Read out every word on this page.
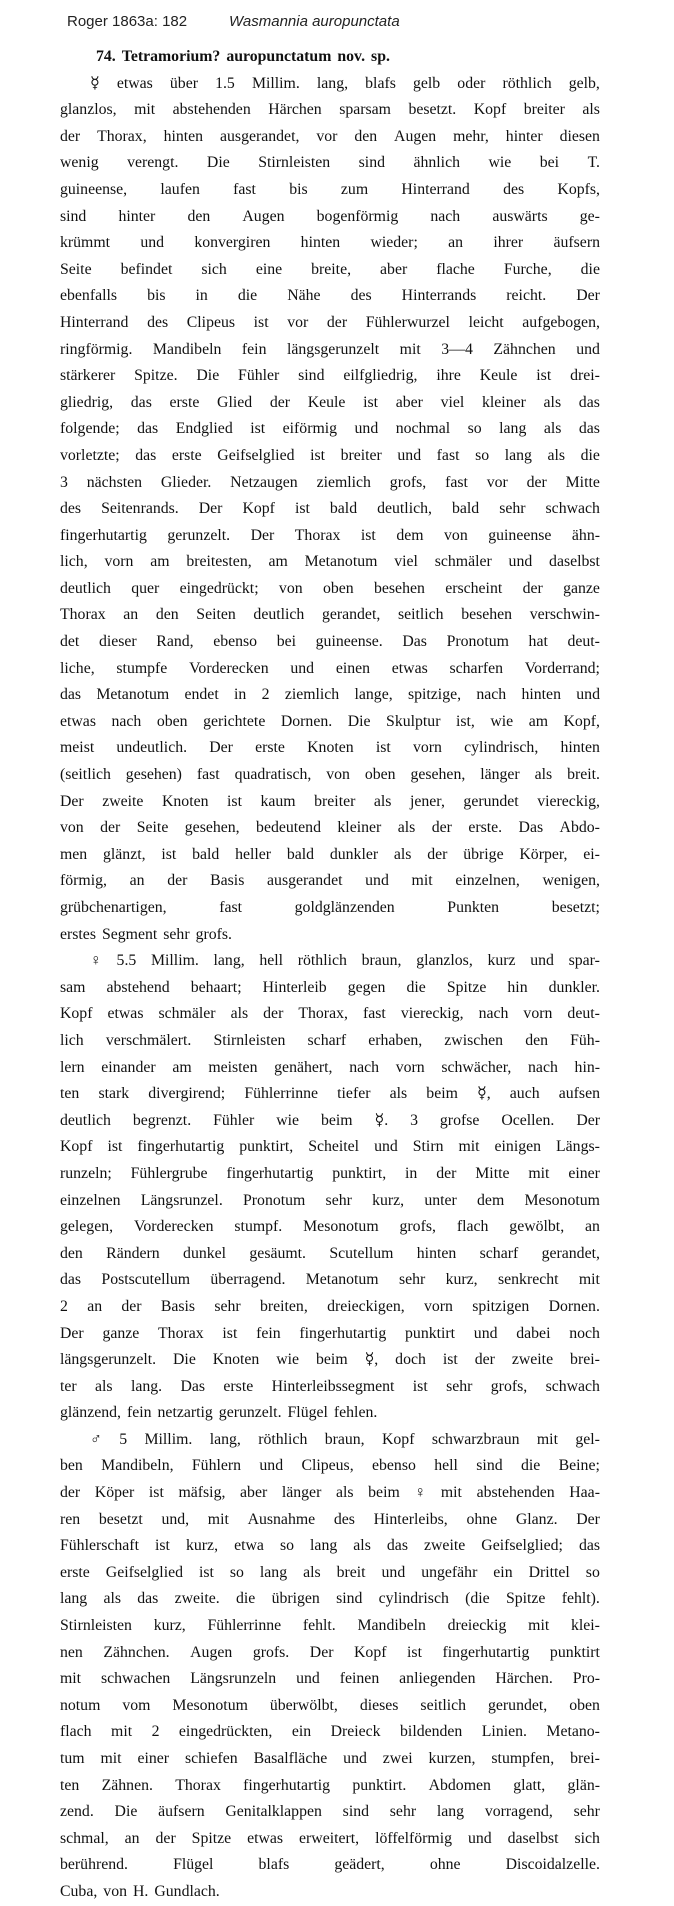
Roger 1863a: 182	Wasmannia auropunctata
74. Tetramorium? auropunctatum nov. sp.
☿ etwas über 1.5 Millim. lang, blafs gelb oder röthlich gelb,
glanzlos, mit abstehenden Härchen sparsam besetzt. Kopf breiter als
der Thorax, hinten ausgerandet, vor den Augen mehr, hinter diesen
wenig verengt. Die Stirnleisten sind ähnlich wie bei T.
guineense, laufen fast bis zum Hinterrand des Kopfs,
sind hinter den Augen bogenförmig nach auswärts ge-
krümmt und konvergiren hinten wieder; an ihrer äufsern
Seite befindet sich eine breite, aber flache Furche, die
ebenfalls bis in die Nähe des Hinterrands reicht. Der
Hinterrand des Clipeus ist vor der Fühlerwurzel leicht aufgebogen,
ringförmig. Mandibeln fein längsgerunzelt mit 3—4 Zähnchen und
stärkerer Spitze. Die Fühler sind eilfgliedrig, ihre Keule ist drei-
gliedrig, das erste Glied der Keule ist aber viel kleiner als das
folgende; das Endglied ist eiförmig und nochmal so lang als das
vorletzte; das erste Geifselglied ist breiter und fast so lang als die
3 nächsten Glieder. Netzaugen ziemlich grofs, fast vor der Mitte
des Seitenrands. Der Kopf ist bald deutlich, bald sehr schwach
fingerhutartig gerunzelt. Der Thorax ist dem von guineense ähn-
lich, vorn am breitesten, am Metanotum viel schmäler und daselbst
deutlich quer eingedrückt; von oben besehen erscheint der ganze
Thorax an den Seiten deutlich gerandet, seitlich besehen verschwin-
det dieser Rand, ebenso bei guineense. Das Pronotum hat deut-
liche, stumpfe Vorderecken und einen etwas scharfen Vorderrand;
das Metanotum endet in 2 ziemlich lange, spitzige, nach hinten und
etwas nach oben gerichtete Dornen. Die Skulptur ist, wie am Kopf,
meist undeutlich. Der erste Knoten ist vorn cylindrisch, hinten
(seitlich gesehen) fast quadratisch, von oben gesehen, länger als breit.
Der zweite Knoten ist kaum breiter als jener, gerundet viereckig,
von der Seite gesehen, bedeutend kleiner als der erste. Das Abdo-
men glänzt, ist bald heller bald dunkler als der übrige Körper, ei-
förmig, an der Basis ausgerandet und mit einzelnen, wenigen,
grübchenartigen,	fast	goldglänzenden	Punkten	besetzt;
erstes Segment sehr grofs.
♀ 5.5 Millim. lang, hell röthlich braun, glanzlos, kurz und spar-
sam abstehend behaart; Hinterleib gegen die Spitze hin dunkler.
Kopf etwas schmäler als der Thorax, fast viereckig, nach vorn deut-
lich verschmälert. Stirnleisten scharf erhaben, zwischen den Füh-
lern einander am meisten genähert, nach vorn schwächer, nach hin-
ten stark divergirend; Fühlerrinne tiefer als beim ☿, auch aufsen
deutlich begrenzt. Fühler wie beim ☿. 3 grofse Ocellen. Der
Kopf ist fingerhutartig punktirt, Scheitel und Stirn mit einigen Längs-
runzeln; Fühlergrube fingerhutartig punktirt, in der Mitte mit einer
einzelnen Längsrunzel. Pronotum sehr kurz, unter dem Mesonotum
gelegen, Vorderecken stumpf. Mesonotum grofs, flach gewölbt, an
den Rändern dunkel gesäumt. Scutellum hinten scharf gerandet,
das Postscutellum überragend. Metanotum sehr kurz, senkrecht mit
2 an der Basis sehr breiten, dreieckigen, vorn spitzigen Dornen.
Der ganze Thorax ist fein fingerhutartig punktirt und dabei noch
längsgerunzelt. Die Knoten wie beim ☿, doch ist der zweite brei-
ter als lang. Das erste Hinterleibssegment ist sehr grofs, schwach
glänzend, fein netzartig gerunzelt. Flügel fehlen.
♂ 5 Millim. lang, röthlich braun, Kopf schwarzbraun mit gel-
ben Mandibeln, Fühlern und Clipeus, ebenso hell sind die Beine;
der Köper ist mäfsig, aber länger als beim ♀ mit abstehenden Haa-
ren besetzt und, mit Ausnahme des Hinterleibs, ohne Glanz. Der
Fühlerschaft ist kurz, etwa so lang als das zweite Geifselglied; das
erste Geifselglied ist so lang als breit und ungefähr ein Drittel so
lang als das zweite. die übrigen sind cylindrisch (die Spitze fehlt).
Stirnleisten kurz, Fühlerrinne fehlt. Mandibeln dreieckig mit klei-
nen Zähnchen. Augen grofs. Der Kopf ist fingerhutartig punktirt
mit schwachen Längsrunzeln und feinen anliegenden Härchen. Pro-
notum vom Mesonotum überwölbt, dieses seitlich gerundet, oben
flach mit 2 eingedrückten, ein Dreieck bildenden Linien. Metano-
tum mit einer schiefen Basalfläche und zwei kurzen, stumpfen, brei-
ten Zähnen. Thorax fingerhutartig punktirt. Abdomen glatt, glän-
zend. Die äufsern Genitalklappen sind sehr lang vorragend, sehr
schmal, an der Spitze etwas erweitert, löffelförmig und daselbst sich
berührend.	Flügel	blafs	geädert,	ohne	Discoidalzelle.
Cuba, von H. Gundlach.
